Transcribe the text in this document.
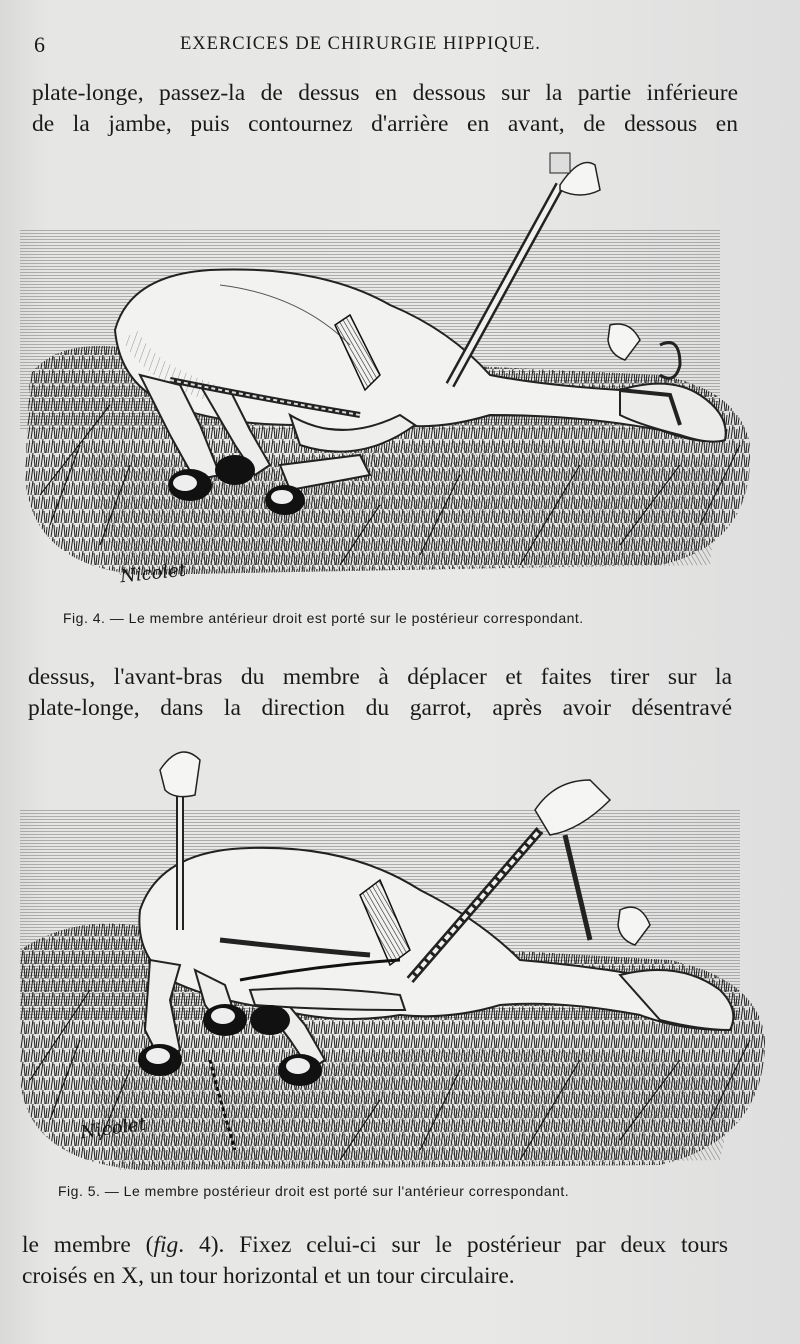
6	EXERCICES DE CHIRURGIE HIPPIQUE.
plate-longe, passez-la de dessus en dessous sur la partie inférieure
de la jambe, puis contournez d'arrière en avant, de dessous en
Nicolet
Fig. 4. — Le membre antérieur droit est porté sur le postérieur correspondant.
dessus, l'avant-bras du membre à déplacer et faites tirer sur la
plate-longe, dans la direction du garrot, après avoir désentravé
Nicolet
Fig. 5. — Le membre postérieur droit est porté sur l'antérieur correspondant.
le membre (fig. 4). Fixez celui-ci sur le postérieur par deux tours
croisés en X, un tour horizontal et un tour circulaire.
